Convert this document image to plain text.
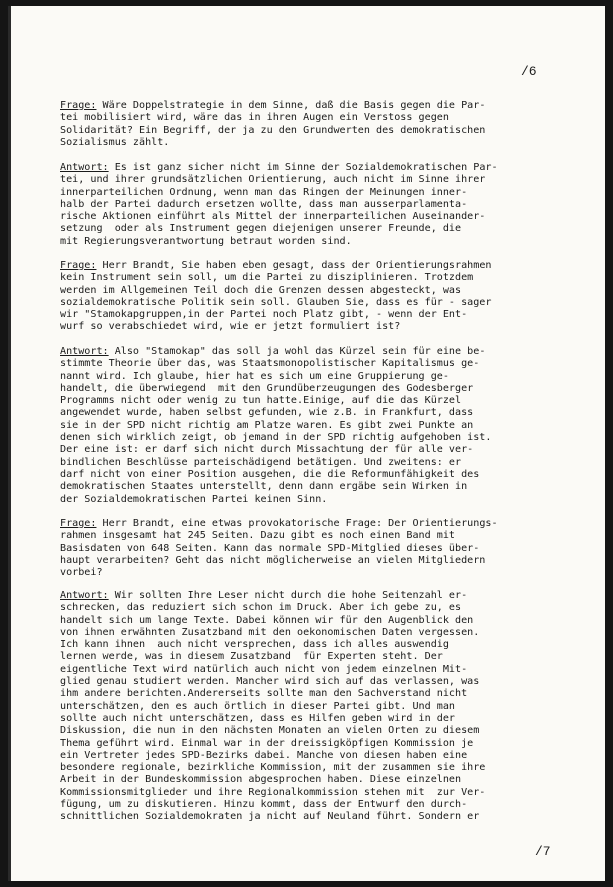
/6
Frage: Wäre Doppelstrategie in dem Sinne, daß die Basis gegen die Par-
tei mobilisiert wird, wäre das in ihren Augen ein Verstoss gegen
Solidarität? Ein Begriff, der ja zu den Grundwerten des demokratischen
Sozialismus zählt.
Antwort: Es ist ganz sicher nicht im Sinne der Sozialdemokratischen Par-
tei, und ihrer grundsätzlichen Orientierung, auch nicht im Sinne ihrer
innerparteilichen Ordnung, wenn man das Ringen der Meinungen inner-
halb der Partei dadurch ersetzen wollte, dass man ausserparlamenta-
rische Aktionen einführt als Mittel der innerparteilichen Auseinander-
setzung  oder als Instrument gegen diejenigen unserer Freunde, die
mit Regierungsverantwortung betraut worden sind.
Frage: Herr Brandt, Sie haben eben gesagt, dass der Orientierungsrahmen
kein Instrument sein soll, um die Partei zu disziplinieren. Trotzdem
werden im Allgemeinen Teil doch die Grenzen dessen abgesteckt, was
sozialdemokratische Politik sein soll. Glauben Sie, dass es für - sager
wir "Stamokapgruppen,in der Partei noch Platz gibt, - wenn der Ent-
wurf so verabschiedet wird, wie er jetzt formuliert ist?
Antwort: Also "Stamokap" das soll ja wohl das Kürzel sein für eine be-
stimmte Theorie über das, was Staatsmonopolistischer Kapitalismus ge-
nannt wird. Ich glaube, hier hat es sich um eine Gruppierung ge-
handelt, die überwiegend  mit den Grundüberzeugungen des Godesberger
Programms nicht oder wenig zu tun hatte.Einige, auf die das Kürzel
angewendet wurde, haben selbst gefunden, wie z.B. in Frankfurt, dass
sie in der SPD nicht richtig am Platze waren. Es gibt zwei Punkte an
denen sich wirklich zeigt, ob jemand in der SPD richtig aufgehoben ist.
Der eine ist: er darf sich nicht durch Missachtung der für alle ver-
bindlichen Beschlüsse parteischädigend betätigen. Und zweitens: er
darf nicht von einer Position ausgehen, die die Reformunfähigkeit des
demokratischen Staates unterstellt, denn dann ergäbe sein Wirken in
der Sozialdemokratischen Partei keinen Sinn.
Frage: Herr Brandt, eine etwas provokatorische Frage: Der Orientierungs-
rahmen insgesamt hat 245 Seiten. Dazu gibt es noch einen Band mit
Basisdaten von 648 Seiten. Kann das normale SPD-Mitglied dieses über-
haupt verarbeiten? Geht das nicht möglicherweise an vielen Mitgliedern
vorbei?
Antwort: Wir sollten Ihre Leser nicht durch die hohe Seitenzahl er-
schrecken, das reduziert sich schon im Druck. Aber ich gebe zu, es
handelt sich um lange Texte. Dabei können wir für den Augenblick den
von ihnen erwähnten Zusatzband mit den oekonomischen Daten vergessen.
Ich kann ihnen  auch nicht versprechen, dass ich alles auswendig
lernen werde, was in diesem Zusatzband  für Experten steht. Der
eigentliche Text wird natürlich auch nicht von jedem einzelnen Mit-
glied genau studiert werden. Mancher wird sich auf das verlassen, was
ihm andere berichten.Andererseits sollte man den Sachverstand nicht
unterschätzen, den es auch örtlich in dieser Partei gibt. Und man
sollte auch nicht unterschätzen, dass es Hilfen geben wird in der
Diskussion, die nun in den nächsten Monaten an vielen Orten zu diesem
Thema geführt wird. Einmal war in der dreissigköpfigen Kommission je
ein Vertreter jedes SPD-Bezirks dabei. Manche von diesen haben eine
besondere regionale, bezirkliche Kommission, mit der zusammen sie ihre
Arbeit in der Bundeskommission abgesprochen haben. Diese einzelnen
Kommissionsmitglieder und ihre Regionalkommission stehen mit  zur Ver-
fügung, um zu diskutieren. Hinzu kommt, dass der Entwurf den durch-
schnittlichen Sozialdemokraten ja nicht auf Neuland führt. Sondern er
/7
